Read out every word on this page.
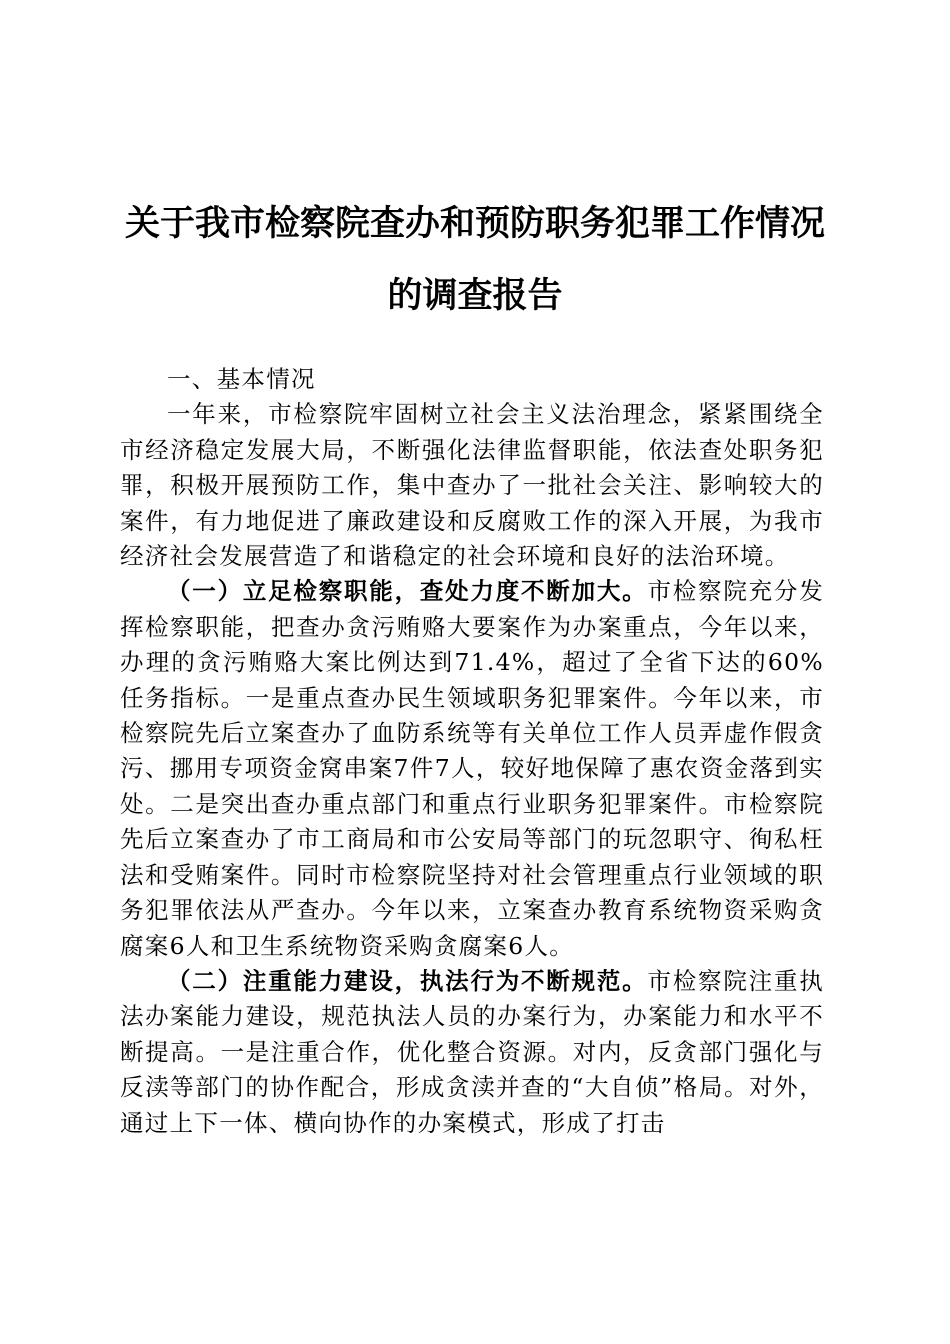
关于我市检察院查办和预防职务犯罪工作情况
的调查报告

一、基本情况

一年来，市检察院牢固树立社会主义法治理念，紧紧围绕全市经济稳定发展大局，不断强化法律监督职能，依法查处职务犯罪，积极开展预防工作，集中查办了一批社会关注、影响较大的案件，有力地促进了廉政建设和反腐败工作的深入开展，为我市经济社会发展营造了和谐稳定的社会环境和良好的法治环境。

（一）立足检察职能，查处力度不断加大。市检察院充分发挥检察职能，把查办贪污贿赂大要案作为办案重点，今年以来，办理的贪污贿赂大案比例达到71.4%，超过了全省下达的60%任务指标。一是重点查办民生领域职务犯罪案件。今年以来，市检察院先后立案查办了血防系统等有关单位工作人员弄虚作假贪污、挪用专项资金窝串案7件7人，较好地保障了惠农资金落到实处。二是突出查办重点部门和重点行业职务犯罪案件。市检察院先后立案查办了市工商局和市公安局等部门的玩忽职守、徇私枉法和受贿案件。同时市检察院坚持对社会管理重点行业领域的职务犯罪依法从严查办。今年以来，立案查办教育系统物资采购贪腐案6人和卫生系统物资采购贪腐案6人。

（二）注重能力建设，执法行为不断规范。市检察院注重执法办案能力建设，规范执法人员的办案行为，办案能力和水平不断提高。一是注重合作，优化整合资源。对内，反贪部门强化与反渎等部门的协作配合，形成贪渎并查的“大自侦”格局。对外，通过上下一体、横向协作的办案模式，形成了打击
